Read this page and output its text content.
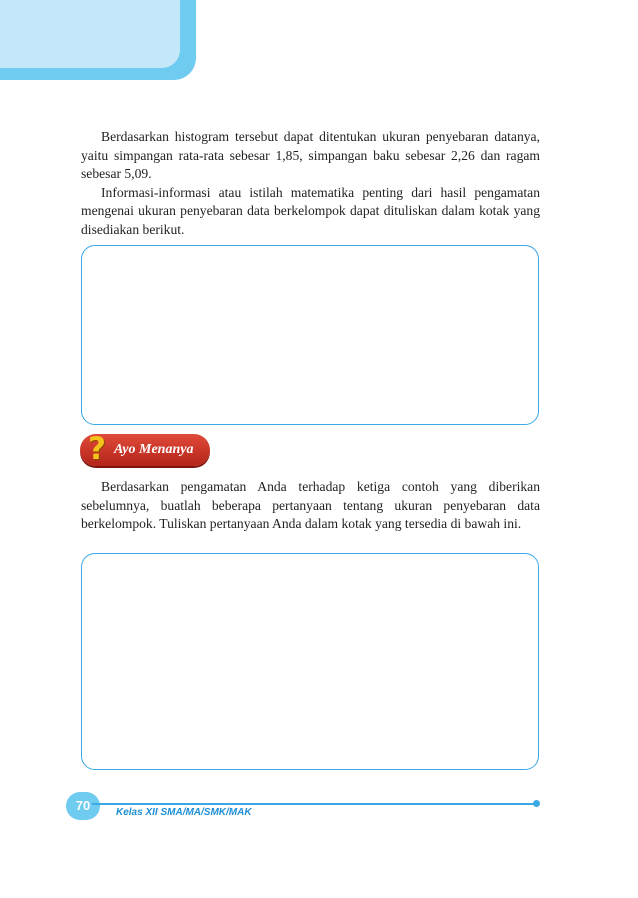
Berdasarkan histogram tersebut dapat ditentukan ukuran penyebaran datanya, yaitu simpangan rata-rata sebesar 1,85, simpangan baku sebesar 2,26 dan ragam sebesar 5,09.

Informasi-informasi atau istilah matematika penting dari hasil pengamatan mengenai ukuran penyebaran data berkelompok dapat dituliskan dalam kotak yang disediakan berikut.

? Ayo Menanya

Berdasarkan pengamatan Anda terhadap ketiga contoh yang diberikan sebelumnya, buatlah beberapa pertanyaan tentang ukuran penyebaran data berkelompok. Tuliskan pertanyaan Anda dalam kotak yang tersedia di bawah ini.

70	Kelas XII SMA/MA/SMK/MAK
